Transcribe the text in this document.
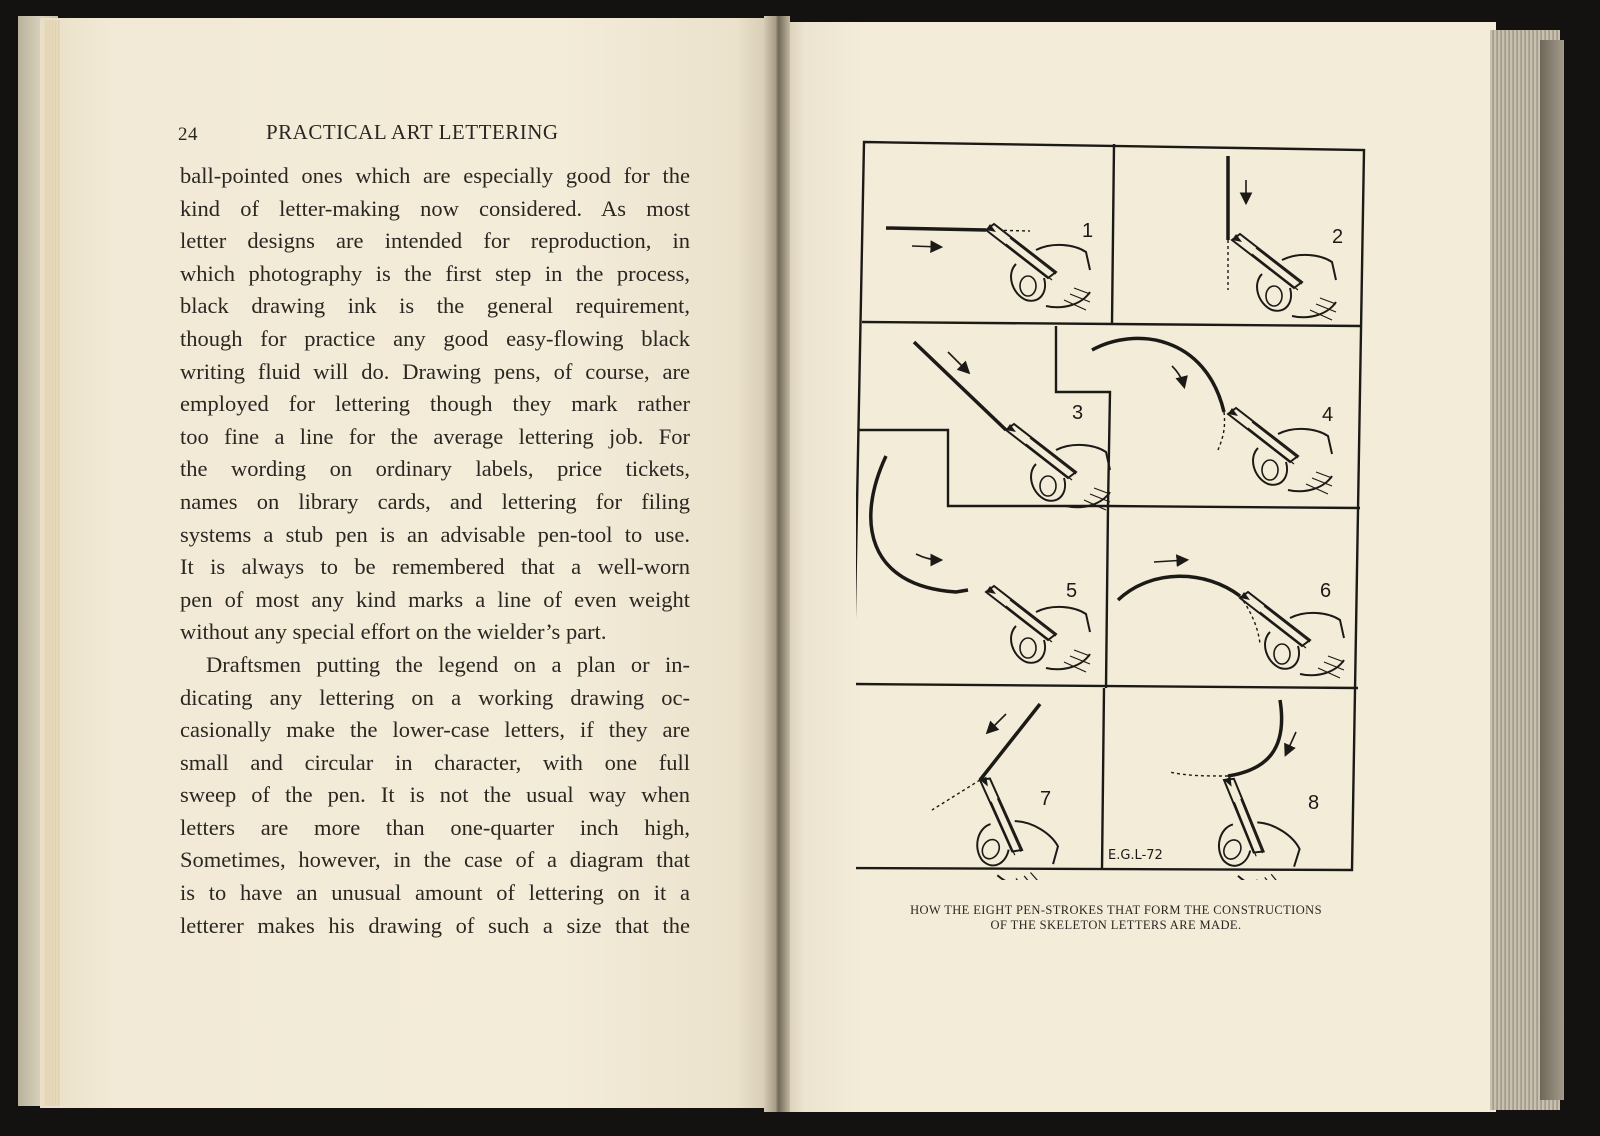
24	PRACTICAL ART LETTERING
ball-pointed ones which are especially good for the
kind of letter-making now considered. As most
letter designs are intended for reproduction, in
which photography is the first step in the process,
black drawing ink is the general requirement,
though for practice any good easy-flowing black
writing fluid will do. Drawing pens, of course, are
employed for lettering though they mark rather
too fine a line for the average lettering job. For
the wording on ordinary labels, price tickets,
names on library cards, and lettering for filing
systems a stub pen is an advisable pen-tool to use.
It is always to be remembered that a well-worn
pen of most any kind marks a line of even weight
without any special effort on the wielder’s part.
Draftsmen putting the legend on a plan or in-
dicating any lettering on a working drawing oc-
casionally make the lower-case letters, if they are
small and circular in character, with one full
sweep of the pen. It is not the usual way when
letters are more than one-quarter inch high,
Sometimes, however, in the case of a diagram that
is to have an unusual amount of lettering on it a
letterer makes his drawing of such a size that the
1	2
3	4
5	6
7	8
E.G.L-72
HOW THE EIGHT PEN-STROKES THAT FORM THE CONSTRUCTIONS
OF THE SKELETON LETTERS ARE MADE.
